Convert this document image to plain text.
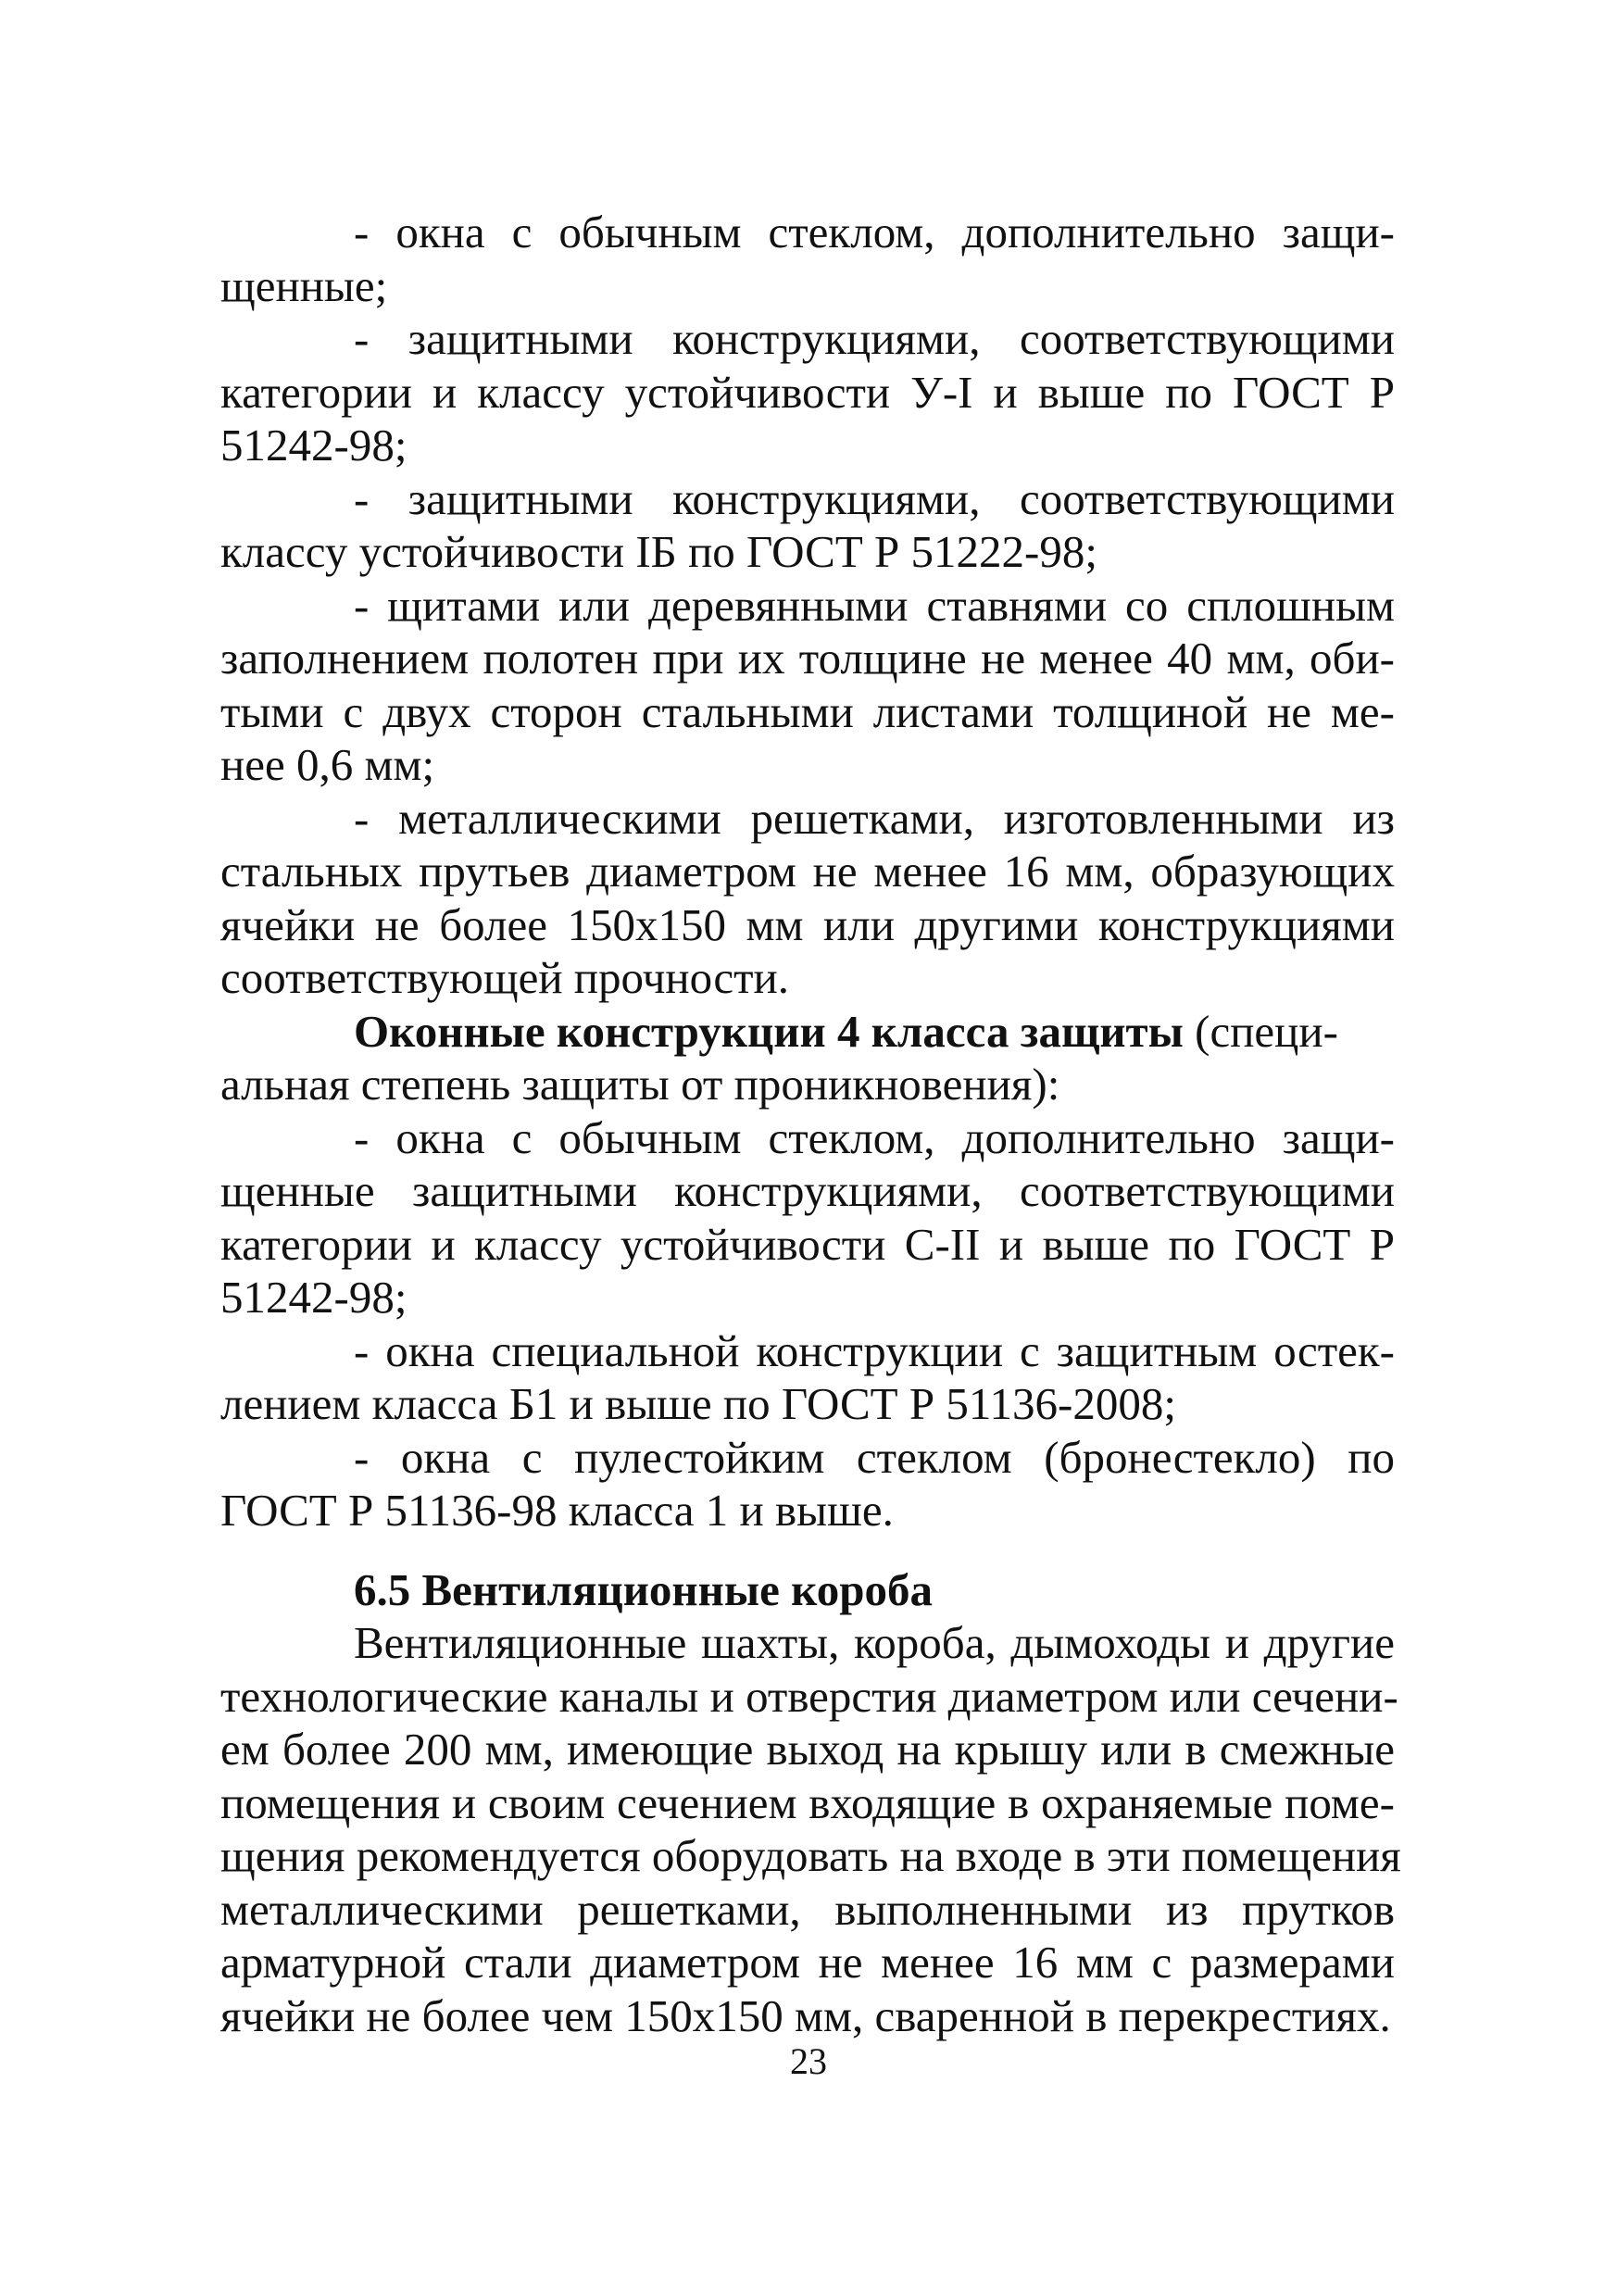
- окна с обычным стеклом, дополнительно защи-
щенные;
- защитными конструкциями, соответствующими
категории и классу устойчивости У-I и выше по ГОСТ Р
51242-98;
- защитными конструкциями, соответствующими
классу устойчивости IБ по ГОСТ Р 51222-98;
- щитами или деревянными ставнями со сплошным
заполнением полотен при их толщине не менее 40 мм, оби-
тыми с двух сторон стальными листами толщиной не ме-
нее 0,6 мм;
- металлическими решетками, изготовленными из
стальных прутьев диаметром не менее 16 мм, образующих
ячейки не более 150х150 мм или другими конструкциями
соответствующей прочности.
Оконные конструкции 4 класса защиты (специ-
альная степень защиты от проникновения):
- окна с обычным стеклом, дополнительно защи-
щенные защитными конструкциями, соответствующими
категории и классу устойчивости С-II и выше по ГОСТ Р
51242-98;
- окна специальной конструкции с защитным остек-
лением класса Б1 и выше по ГОСТ Р 51136-2008;
- окна с пулестойким стеклом (бронестекло) по
ГОСТ Р 51136-98 класса 1 и выше.
6.5 Вентиляционные короба
Вентиляционные шахты, короба, дымоходы и другие
технологические каналы и отверстия диаметром или сечени-
ем более 200 мм, имеющие выход на крышу или в смежные
помещения и своим сечением входящие в охраняемые поме-
щения рекомендуется оборудовать на входе в эти помещения
металлическими решетками, выполненными из прутков
арматурной стали диаметром не менее 16 мм с размерами
ячейки не более чем 150х150 мм, сваренной в перекрестиях.
23
